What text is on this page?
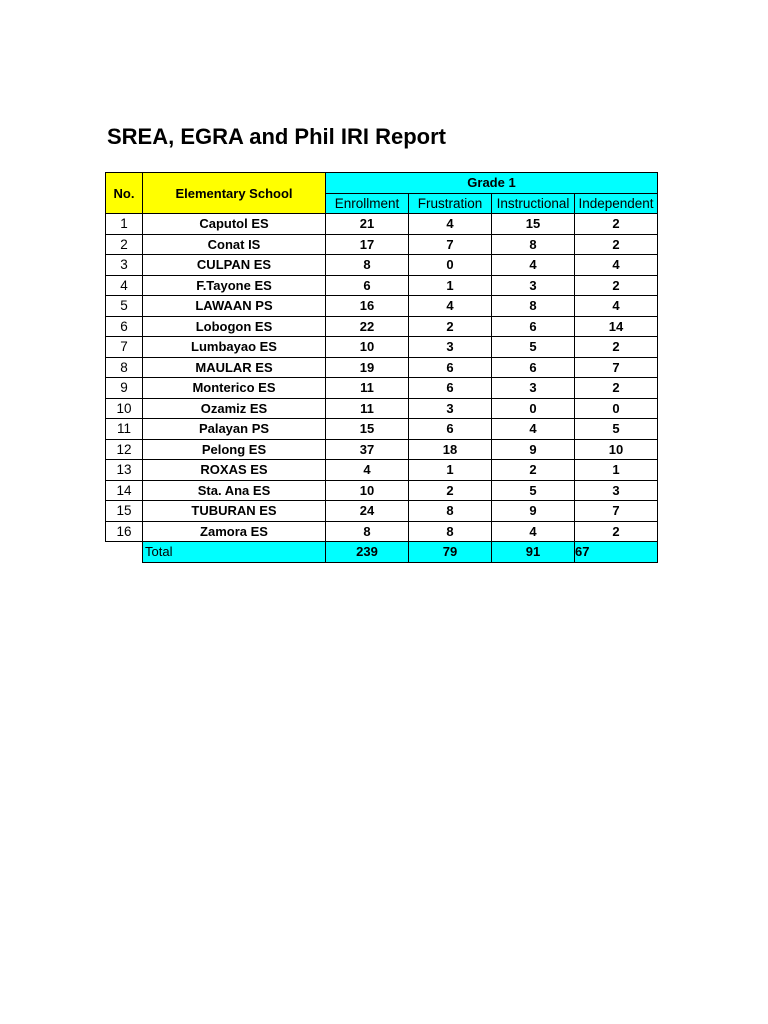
SREA, EGRA and Phil IRI Report
No.	Elementary School	Grade 1			
		Enrollment	Frustration	Instructional	Independent
1	Caputol ES	21	4	15	2
2	Conat IS	17	7	8	2
3	CULPAN ES	8	0	4	4
4	F.Tayone ES	6	1	3	2
5	LAWAAN PS	16	4	8	4
6	Lobogon ES	22	2	6	14
7	Lumbayao ES	10	3	5	2
8	MAULAR ES	19	6	6	7
9	Monterico ES	11	6	3	2
10	Ozamiz ES	11	3	0	0
11	Palayan PS	15	6	4	5
12	Pelong ES	37	18	9	10
13	ROXAS ES	4	1	2	1
14	Sta. Ana ES	10	2	5	3
15	TUBURAN ES	24	8	9	7
16	Zamora ES	8	8	4	2
	Total	239	79	91	67
